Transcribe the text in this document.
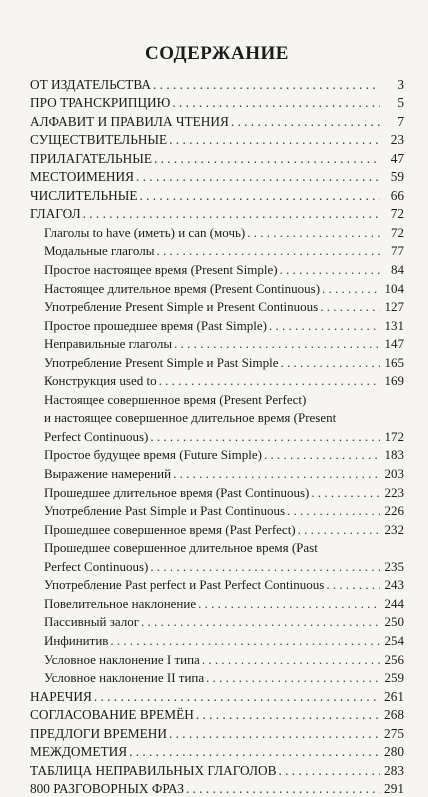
СОДЕРЖАНИЕ
ОТ ИЗДАТЕЛЬСТВА . . .	3
ПРО ТРАНСКРИПЦИЮ . . .	5
АЛФАВИТ И ПРАВИЛА ЧТЕНИЯ . . .	7
СУЩЕСТВИТЕЛЬНЫЕ . . .	23
ПРИЛАГАТЕЛЬНЫЕ . . .	47
МЕСТОИМЕНИЯ . . .	59
ЧИСЛИТЕЛЬНЫЕ . . .	66
ГЛАГОЛ . . .	72
Глаголы to have (иметь) и can (мочь) . . .	72
Модальные глаголы . . .	77
Простое настоящее время (Present Simple) . . .	84
Настоящее длительное время (Present Continuous) . . .	104
Употребление Present Simple и Present Continuous . . .	127
Простое прошедшее время (Past Simple) . . .	131
Неправильные глаголы . . .	147
Употребление Present Simple и Past Simple . . .	165
Конструкция used to . . .	169
Настоящее совершенное время (Present Perfect)
и настоящее совершенное длительное время (Present
Perfect Continuous) . . .	172
Простое будущее время (Future Simple) . . .	183
Выражение намерений . . .	203
Прошедшее длительное время (Past Continuous) . . .	223
Употребление Past Simple и Past Continuous . . .	226
Прошедшее совершенное время (Past Perfect) . . .	232
Прошедшее совершенное длительное время (Past
Perfect Continuous) . . .	235
Употребление Past perfect и Past Perfect Continuous . . .	243
Повелительное наклонение . . .	244
Пассивный залог . . .	250
Инфинитив . . .	254
Условное наклонение I типа . . .	256
Условное наклонение II типа . . .	259
НАРЕЧИЯ . . .	261
СОГЛАСОВАНИЕ ВРЕМЁН . . .	268
ПРЕДЛОГИ ВРЕМЕНИ . . .	275
МЕЖДОМЕТИЯ . . .	280
ТАБЛИЦА НЕПРАВИЛЬНЫХ ГЛАГОЛОВ . . .	283
800 РАЗГОВОРНЫХ ФРАЗ . . .	291
